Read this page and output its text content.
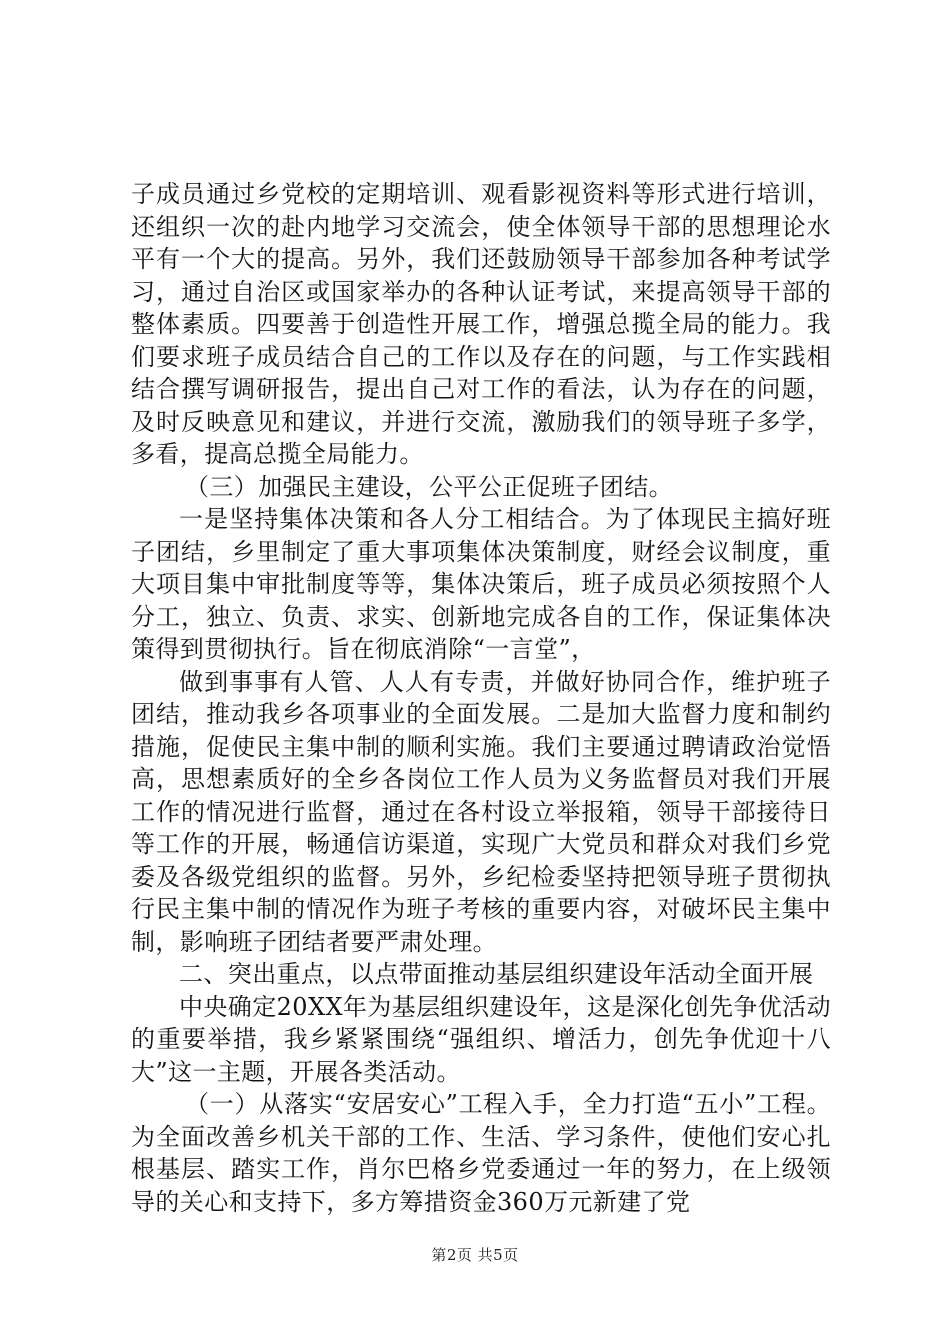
子成员通过乡党校的定期培训、观看影视资料等形式进行培训，还组织一次的赴内地学习交流会，使全体领导干部的思想理论水平有一个大的提高。另外，我们还鼓励领导干部参加各种考试学习，通过自治区或国家举办的各种认证考试，来提高领导干部的整体素质。四要善于创造性开展工作，增强总揽全局的能力。我们要求班子成员结合自己的工作以及存在的问题，与工作实践相结合撰写调研报告，提出自己对工作的看法，认为存在的问题，及时反映意见和建议，并进行交流，激励我们的领导班子多学，多看，提高总揽全局能力。

（三）加强民主建设，公平公正促班子团结。

一是坚持集体决策和各人分工相结合。为了体现民主搞好班子团结，乡里制定了重大事项集体决策制度，财经会议制度，重大项目集中审批制度等等，集体决策后，班子成员必须按照个人分工，独立、负责、求实、创新地完成各自的工作，保证集体决策得到贯彻执行。旨在彻底消除“一言堂”，

做到事事有人管、人人有专责，并做好协同合作，维护班子团结，推动我乡各项事业的全面发展。二是加大监督力度和制约措施，促使民主集中制的顺利实施。我们主要通过聘请政治觉悟高，思想素质好的全乡各岗位工作人员为义务监督员对我们开展工作的情况进行监督，通过在各村设立举报箱，领导干部接待日等工作的开展，畅通信访渠道，实现广大党员和群众对我们乡党委及各级党组织的监督。另外，乡纪检委坚持把领导班子贯彻执行民主集中制的情况作为班子考核的重要内容，对破坏民主集中制，影响班子团结者要严肃处理。

二、突出重点，以点带面推动基层组织建设年活动全面开展

中央确定20XX年为基层组织建设年，这是深化创先争优活动的重要举措，我乡紧紧围绕“强组织、增活力，创先争优迎十八大”这一主题，开展各类活动。

（一）从落实“安居安心”工程入手，全力打造“五小”工程。为全面改善乡机关干部的工作、生活、学习条件，使他们安心扎根基层、踏实工作，肖尔巴格乡党委通过一年的努力，在上级领导的关心和支持下，多方筹措资金360万元新建了党

第2页 共5页
